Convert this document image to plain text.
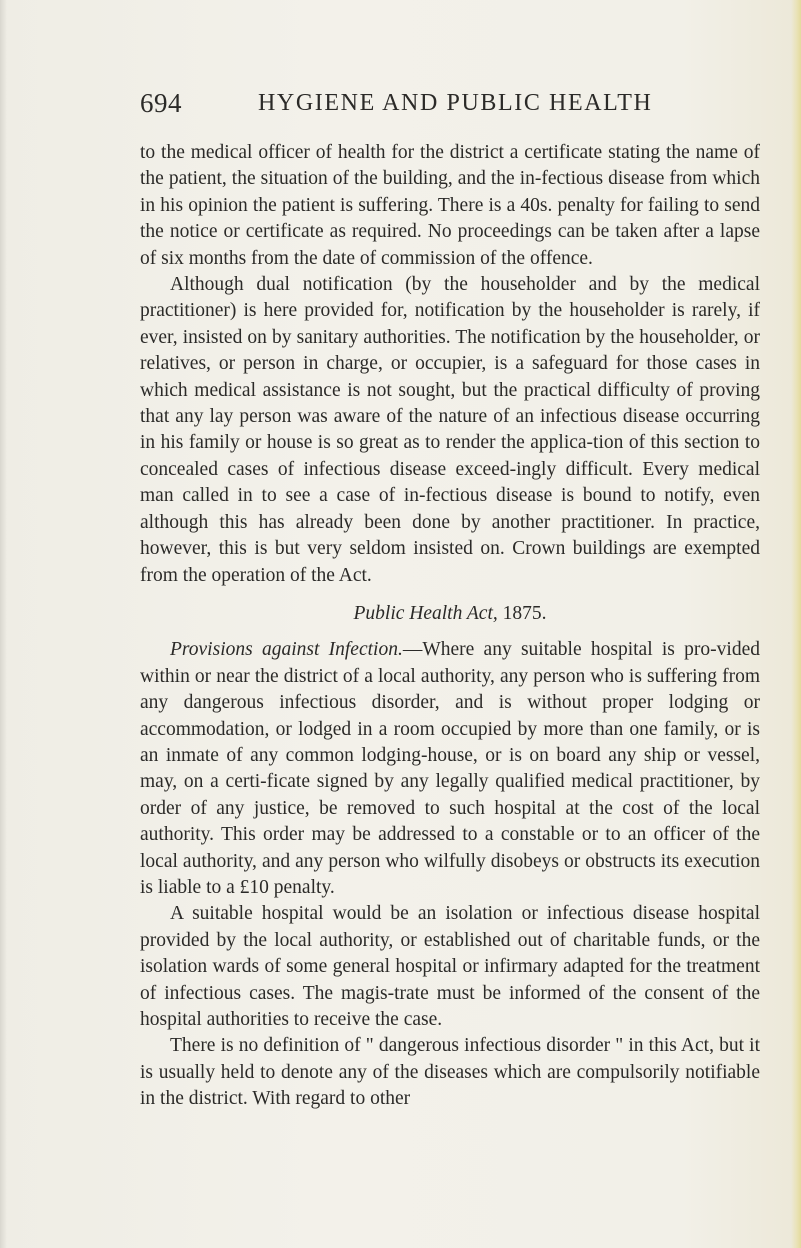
694	HYGIENE AND PUBLIC HEALTH

to the medical officer of health for the district a certificate stating the name of the patient, the situation of the building, and the in-fectious disease from which in his opinion the patient is suffering. There is a 40s. penalty for failing to send the notice or certificate as required. No proceedings can be taken after a lapse of six months from the date of commission of the offence.

Although dual notification (by the householder and by the medical practitioner) is here provided for, notification by the householder is rarely, if ever, insisted on by sanitary authorities. The notification by the householder, or relatives, or person in charge, or occupier, is a safeguard for those cases in which medical assistance is not sought, but the practical difficulty of proving that any lay person was aware of the nature of an infectious disease occurring in his family or house is so great as to render the applica-tion of this section to concealed cases of infectious disease exceed-ingly difficult. Every medical man called in to see a case of in-fectious disease is bound to notify, even although this has already been done by another practitioner. In practice, however, this is but very seldom insisted on. Crown buildings are exempted from the operation of the Act.

Public Health Act, 1875.

Provisions against Infection.—Where any suitable hospital is pro-vided within or near the district of a local authority, any person who is suffering from any dangerous infectious disorder, and is without proper lodging or accommodation, or lodged in a room occupied by more than one family, or is an inmate of any common lodging-house, or is on board any ship or vessel, may, on a certi-ficate signed by any legally qualified medical practitioner, by order of any justice, be removed to such hospital at the cost of the local authority. This order may be addressed to a constable or to an officer of the local authority, and any person who wilfully disobeys or obstructs its execution is liable to a £10 penalty.

A suitable hospital would be an isolation or infectious disease hospital provided by the local authority, or established out of charitable funds, or the isolation wards of some general hospital or infirmary adapted for the treatment of infectious cases. The magis-trate must be informed of the consent of the hospital authorities to receive the case.

There is no definition of " dangerous infectious disorder " in this Act, but it is usually held to denote any of the diseases which are compulsorily notifiable in the district. With regard to other
